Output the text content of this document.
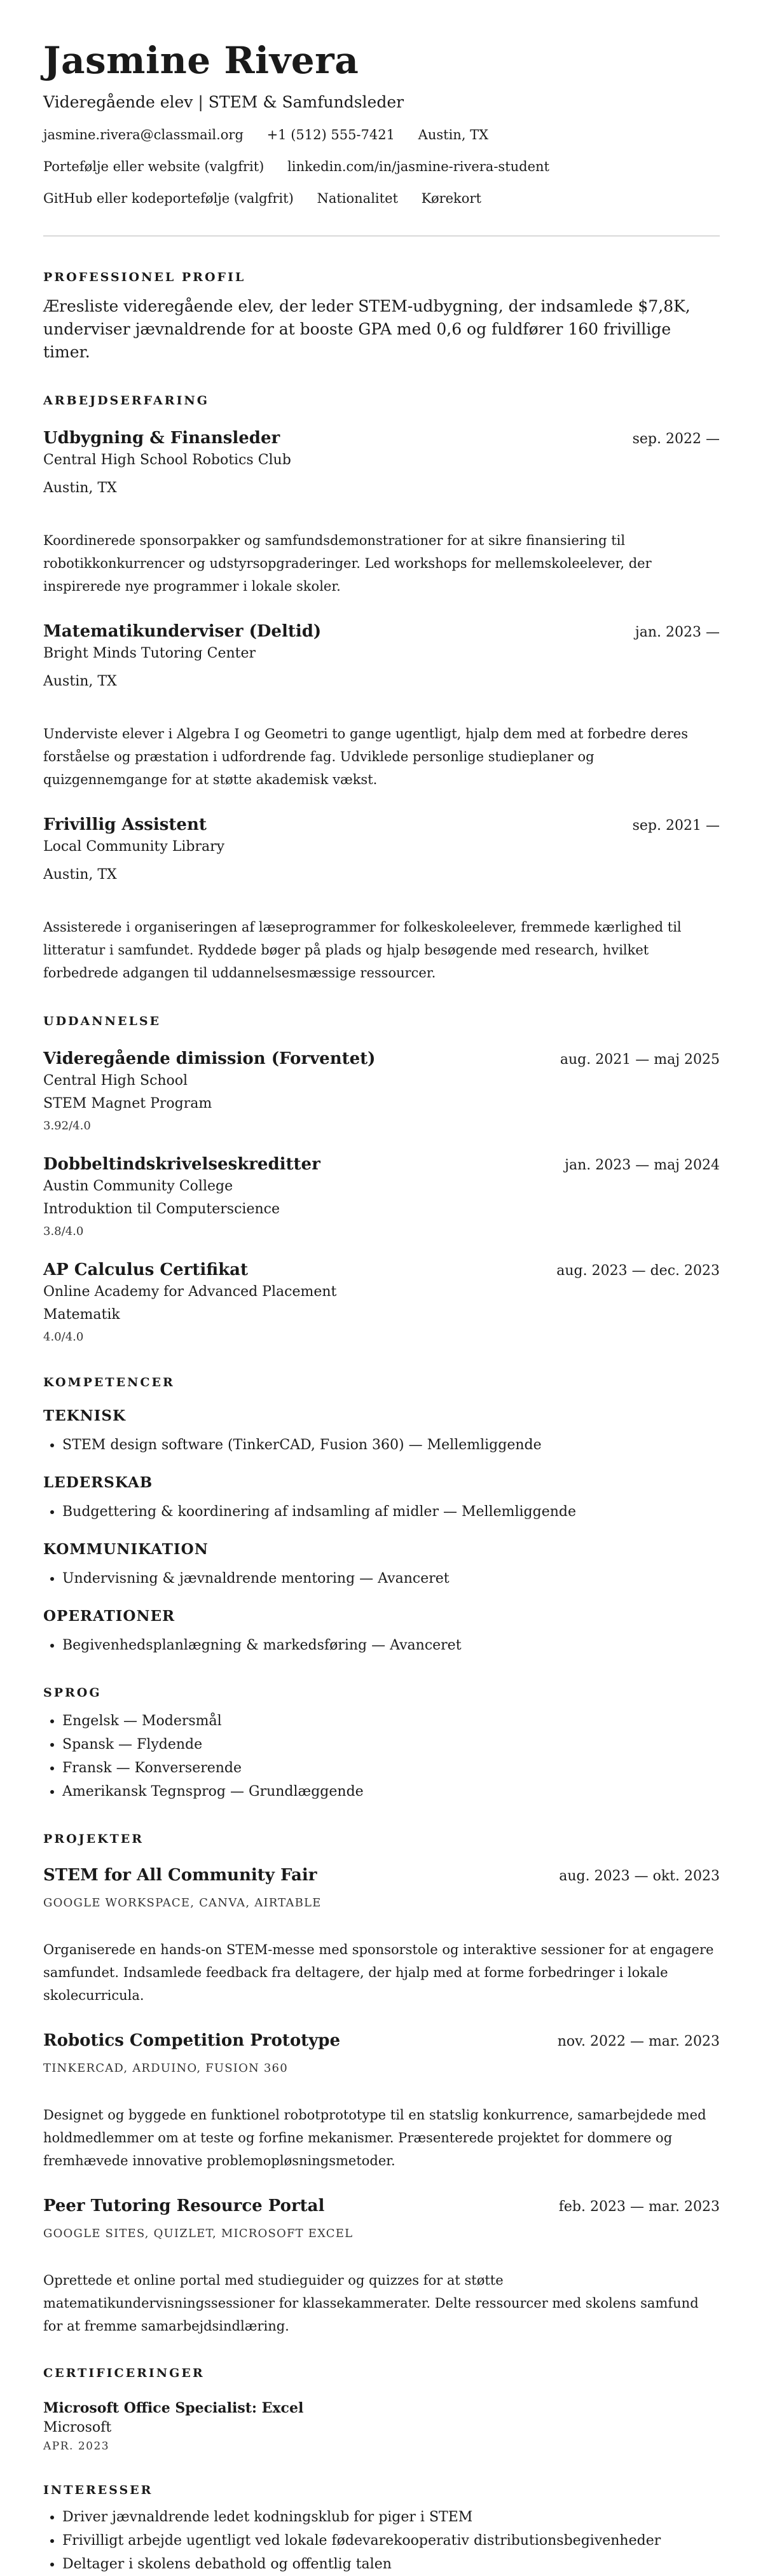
Jasmine Rivera
Videregående elev | STEM & Samfundsleder
jasmine.rivera@classmail.org +1 (512) 555-7421 Austin, TX
Portefølje eller website (valgfrit) linkedin.com/in/jasmine-rivera-student
GitHub eller kodeportefølje (valgfrit) Nationalitet Kørekort
PROFESSIONEL PROFIL
Æresliste videregående elev, der leder STEM-udbygning, der indsamlede $7,8K, underviser jævnaldrende for at booste GPA med 0,6 og fuldfører 160 frivillige timer.
ARBEJDSERFARING
Udbygning & Finansleder	sep. 2022 —
Central High School Robotics Club
Austin, TX
Koordinerede sponsorpakker og samfundsdemonstrationer for at sikre finansiering til robotikkonkurrencer og udstyrsopgraderinger. Led workshops for mellemskoleelever, der inspirerede nye programmer i lokale skoler.
Matematikunderviser (Deltid)	jan. 2023 —
Bright Minds Tutoring Center
Austin, TX
Underviste elever i Algebra I og Geometri to gange ugentligt, hjalp dem med at forbedre deres forståelse og præstation i udfordrende fag. Udviklede personlige studieplaner og quizgennemgange for at støtte akademisk vækst.
Frivillig Assistent	sep. 2021 —
Local Community Library
Austin, TX
Assisterede i organiseringen af læseprogrammer for folkeskoleelever, fremmede kærlighed til litteratur i samfundet. Ryddede bøger på plads og hjalp besøgende med research, hvilket forbedrede adgangen til uddannelsesmæssige ressourcer.
UDDANNELSE
Videregående dimission (Forventet)	aug. 2021 — maj 2025
Central High School
STEM Magnet Program
3.92/4.0
Dobbeltindskrivelseskreditter	jan. 2023 — maj 2024
Austin Community College
Introduktion til Computerscience
3.8/4.0
AP Calculus Certifikat	aug. 2023 — dec. 2023
Online Academy for Advanced Placement
Matematik
4.0/4.0
KOMPETENCER
TEKNISK
• STEM design software (TinkerCAD, Fusion 360) — Mellemliggende
LEDERSKAB
• Budgettering & koordinering af indsamling af midler — Mellemliggende
KOMMUNIKATION
• Undervisning & jævnaldrende mentoring — Avanceret
OPERATIONER
• Begivenhedsplanlægning & markedsføring — Avanceret
SPROG
• Engelsk — Modersmål
• Spansk — Flydende
• Fransk — Konverserende
• Amerikansk Tegnsprog — Grundlæggende
PROJEKTER
STEM for All Community Fair	aug. 2023 — okt. 2023
GOOGLE WORKSPACE, CANVA, AIRTABLE
Organiserede en hands-on STEM-messe med sponsorstole og interaktive sessioner for at engagere samfundet. Indsamlede feedback fra deltagere, der hjalp med at forme forbedringer i lokale skolecurricula.
Robotics Competition Prototype	nov. 2022 — mar. 2023
TINKERCAD, ARDUINO, FUSION 360
Designet og byggede en funktionel robotprototype til en statslig konkurrence, samarbejdede med holdmedlemmer om at teste og forfine mekanismer. Præsenterede projektet for dommere og fremhævede innovative problemopløsningsmetoder.
Peer Tutoring Resource Portal	feb. 2023 — mar. 2023
GOOGLE SITES, QUIZLET, MICROSOFT EXCEL
Oprettede et online portal med studieguider og quizzes for at støtte matematikundervisningssessioner for klassekammerater. Delte ressourcer med skolens samfund for at fremme samarbejdsindlæring.
CERTIFICERINGER
Microsoft Office Specialist: Excel
Microsoft
APR. 2023
INTERESSER
• Driver jævnaldrende ledet kodningsklub for piger i STEM
• Frivilligt arbejde ugentligt ved lokale fødevarekooperativ distributionsbegivenheder
• Deltager i skolens debathold og offentlig talen
